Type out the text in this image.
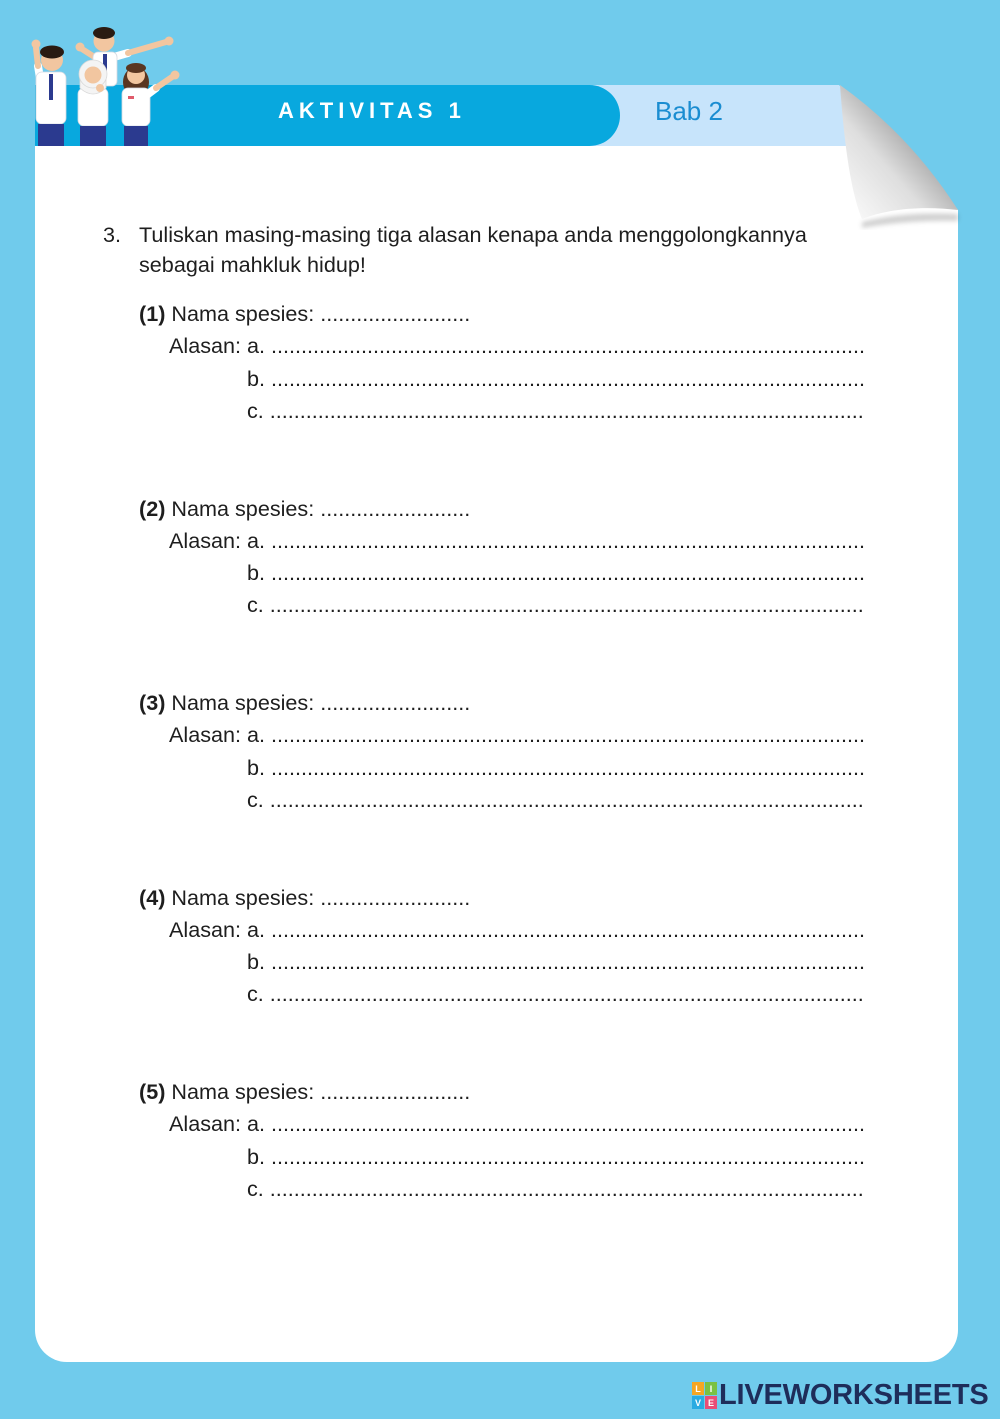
AKTIVITAS 1	Bab 2
3. Tuliskan masing-masing tiga alasan kenapa anda menggolongkannya sebagai mahkluk hidup!
(1) Nama spesies: .........................
Alasan: a. ...................................................................................................
b. ...................................................................................................
c. ...................................................................................................
(2) Nama spesies: .........................
Alasan: a. ...................................................................................................
b. ...................................................................................................
c. ...................................................................................................
(3) Nama spesies: .........................
Alasan: a. ...................................................................................................
b. ...................................................................................................
c. ...................................................................................................
(4) Nama spesies: .........................
Alasan: a. ...................................................................................................
b. ...................................................................................................
c. ...................................................................................................
(5) Nama spesies: .........................
Alasan: a. ...................................................................................................
b. ...................................................................................................
c. ...................................................................................................
L I
V E LIVEWORKSHEETS
